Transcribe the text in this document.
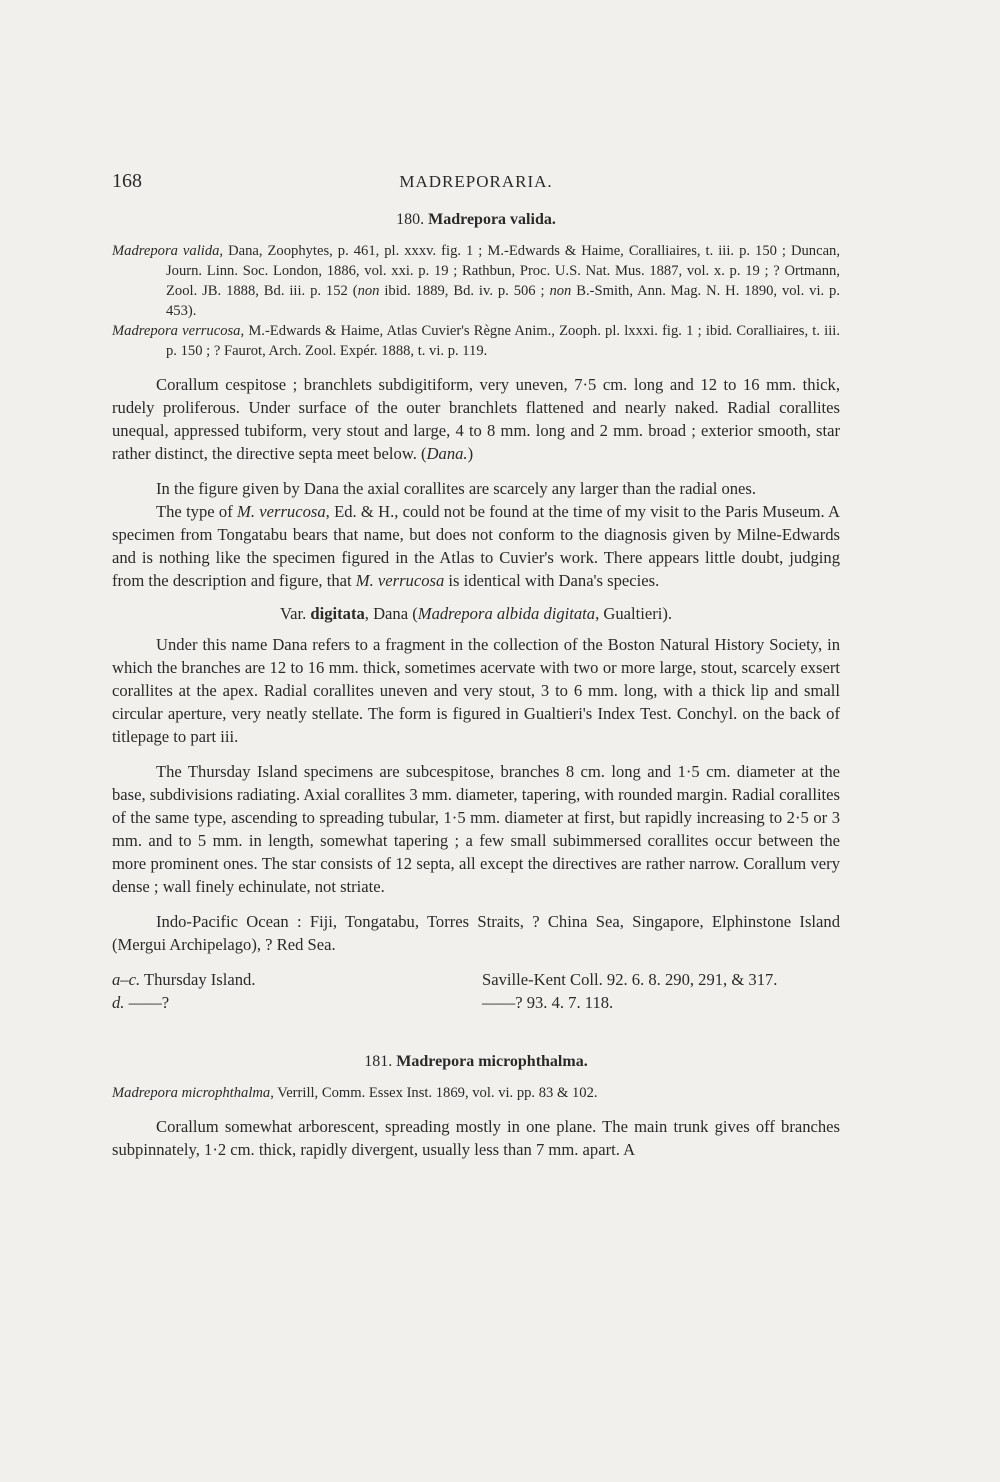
168	MADREPORARIA.
180. Madrepora valida.

Madrepora valida, Dana, Zoophytes, p. 461, pl. xxxv. fig. 1 ; M.-Edwards & Haime, Coralliaires, t. iii. p. 150 ; Duncan, Journ. Linn. Soc. London, 1886, vol. xxi. p. 19 ; Rathbun, Proc. U.S. Nat. Mus. 1887, vol. x. p. 19 ; ? Ortmann, Zool. JB. 1888, Bd. iii. p. 152 (non ibid. 1889, Bd. iv. p. 506 ; non B.-Smith, Ann. Mag. N. H. 1890, vol. vi. p. 453).

Madrepora verrucosa, M.-Edwards & Haime, Atlas Cuvier's Règne Anim., Zooph. pl. lxxxi. fig. 1 ; ibid. Coralliaires, t. iii. p. 150 ; ? Faurot, Arch. Zool. Expér. 1888, t. vi. p. 119.

Corallum cespitose ; branchlets subdigitiform, very uneven, 7·5 cm. long and 12 to 16 mm. thick, rudely proliferous. Under surface of the outer branchlets flattened and nearly naked. Radial corallites unequal, appressed tubiform, very stout and large, 4 to 8 mm. long and 2 mm. broad ; exterior smooth, star rather distinct, the directive septa meet below. (Dana.)

In the figure given by Dana the axial corallites are scarcely any larger than the radial ones.

The type of M. verrucosa, Ed. & H., could not be found at the time of my visit to the Paris Museum. A specimen from Tongatabu bears that name, but does not conform to the diagnosis given by Milne-Edwards and is nothing like the specimen figured in the Atlas to Cuvier's work. There appears little doubt, judging from the description and figure, that M. verrucosa is identical with Dana's species.

Var. digitata, Dana (Madrepora albida digitata, Gualtieri).

Under this name Dana refers to a fragment in the collection of the Boston Natural History Society, in which the branches are 12 to 16 mm. thick, sometimes acervate with two or more large, stout, scarcely exsert corallites at the apex. Radial corallites uneven and very stout, 3 to 6 mm. long, with a thick lip and small circular aperture, very neatly stellate. The form is figured in Gualtieri's Index Test. Conchyl. on the back of titlepage to part iii.

The Thursday Island specimens are subcespitose, branches 8 cm. long and 1·5 cm. diameter at the base, subdivisions radiating. Axial corallites 3 mm. diameter, tapering, with rounded margin. Radial corallites of the same type, ascending to spreading tubular, 1·5 mm. diameter at first, but rapidly increasing to 2·5 or 3 mm. and to 5 mm. in length, somewhat tapering ; a few small subimmersed corallites occur between the more prominent ones. The star consists of 12 septa, all except the directives are rather narrow. Corallum very dense ; wall finely echinulate, not striate.

Indo-Pacific Ocean : Fiji, Tongatabu, Torres Straits, ? China Sea, Singapore, Elphinstone Island (Mergui Archipelago), ? Red Sea.

a–c. Thursday Island.	Saville-Kent Coll. 92. 6. 8. 290, 291, & 317.
d. ——?	——? 93. 4. 7. 118.
181. Madrepora microphthalma.

Madrepora microphthalma, Verrill, Comm. Essex Inst. 1869, vol. vi. pp. 83 & 102.

Corallum somewhat arborescent, spreading mostly in one plane. The main trunk gives off branches subpinnately, 1·2 cm. thick, rapidly divergent, usually less than 7 mm. apart. A
